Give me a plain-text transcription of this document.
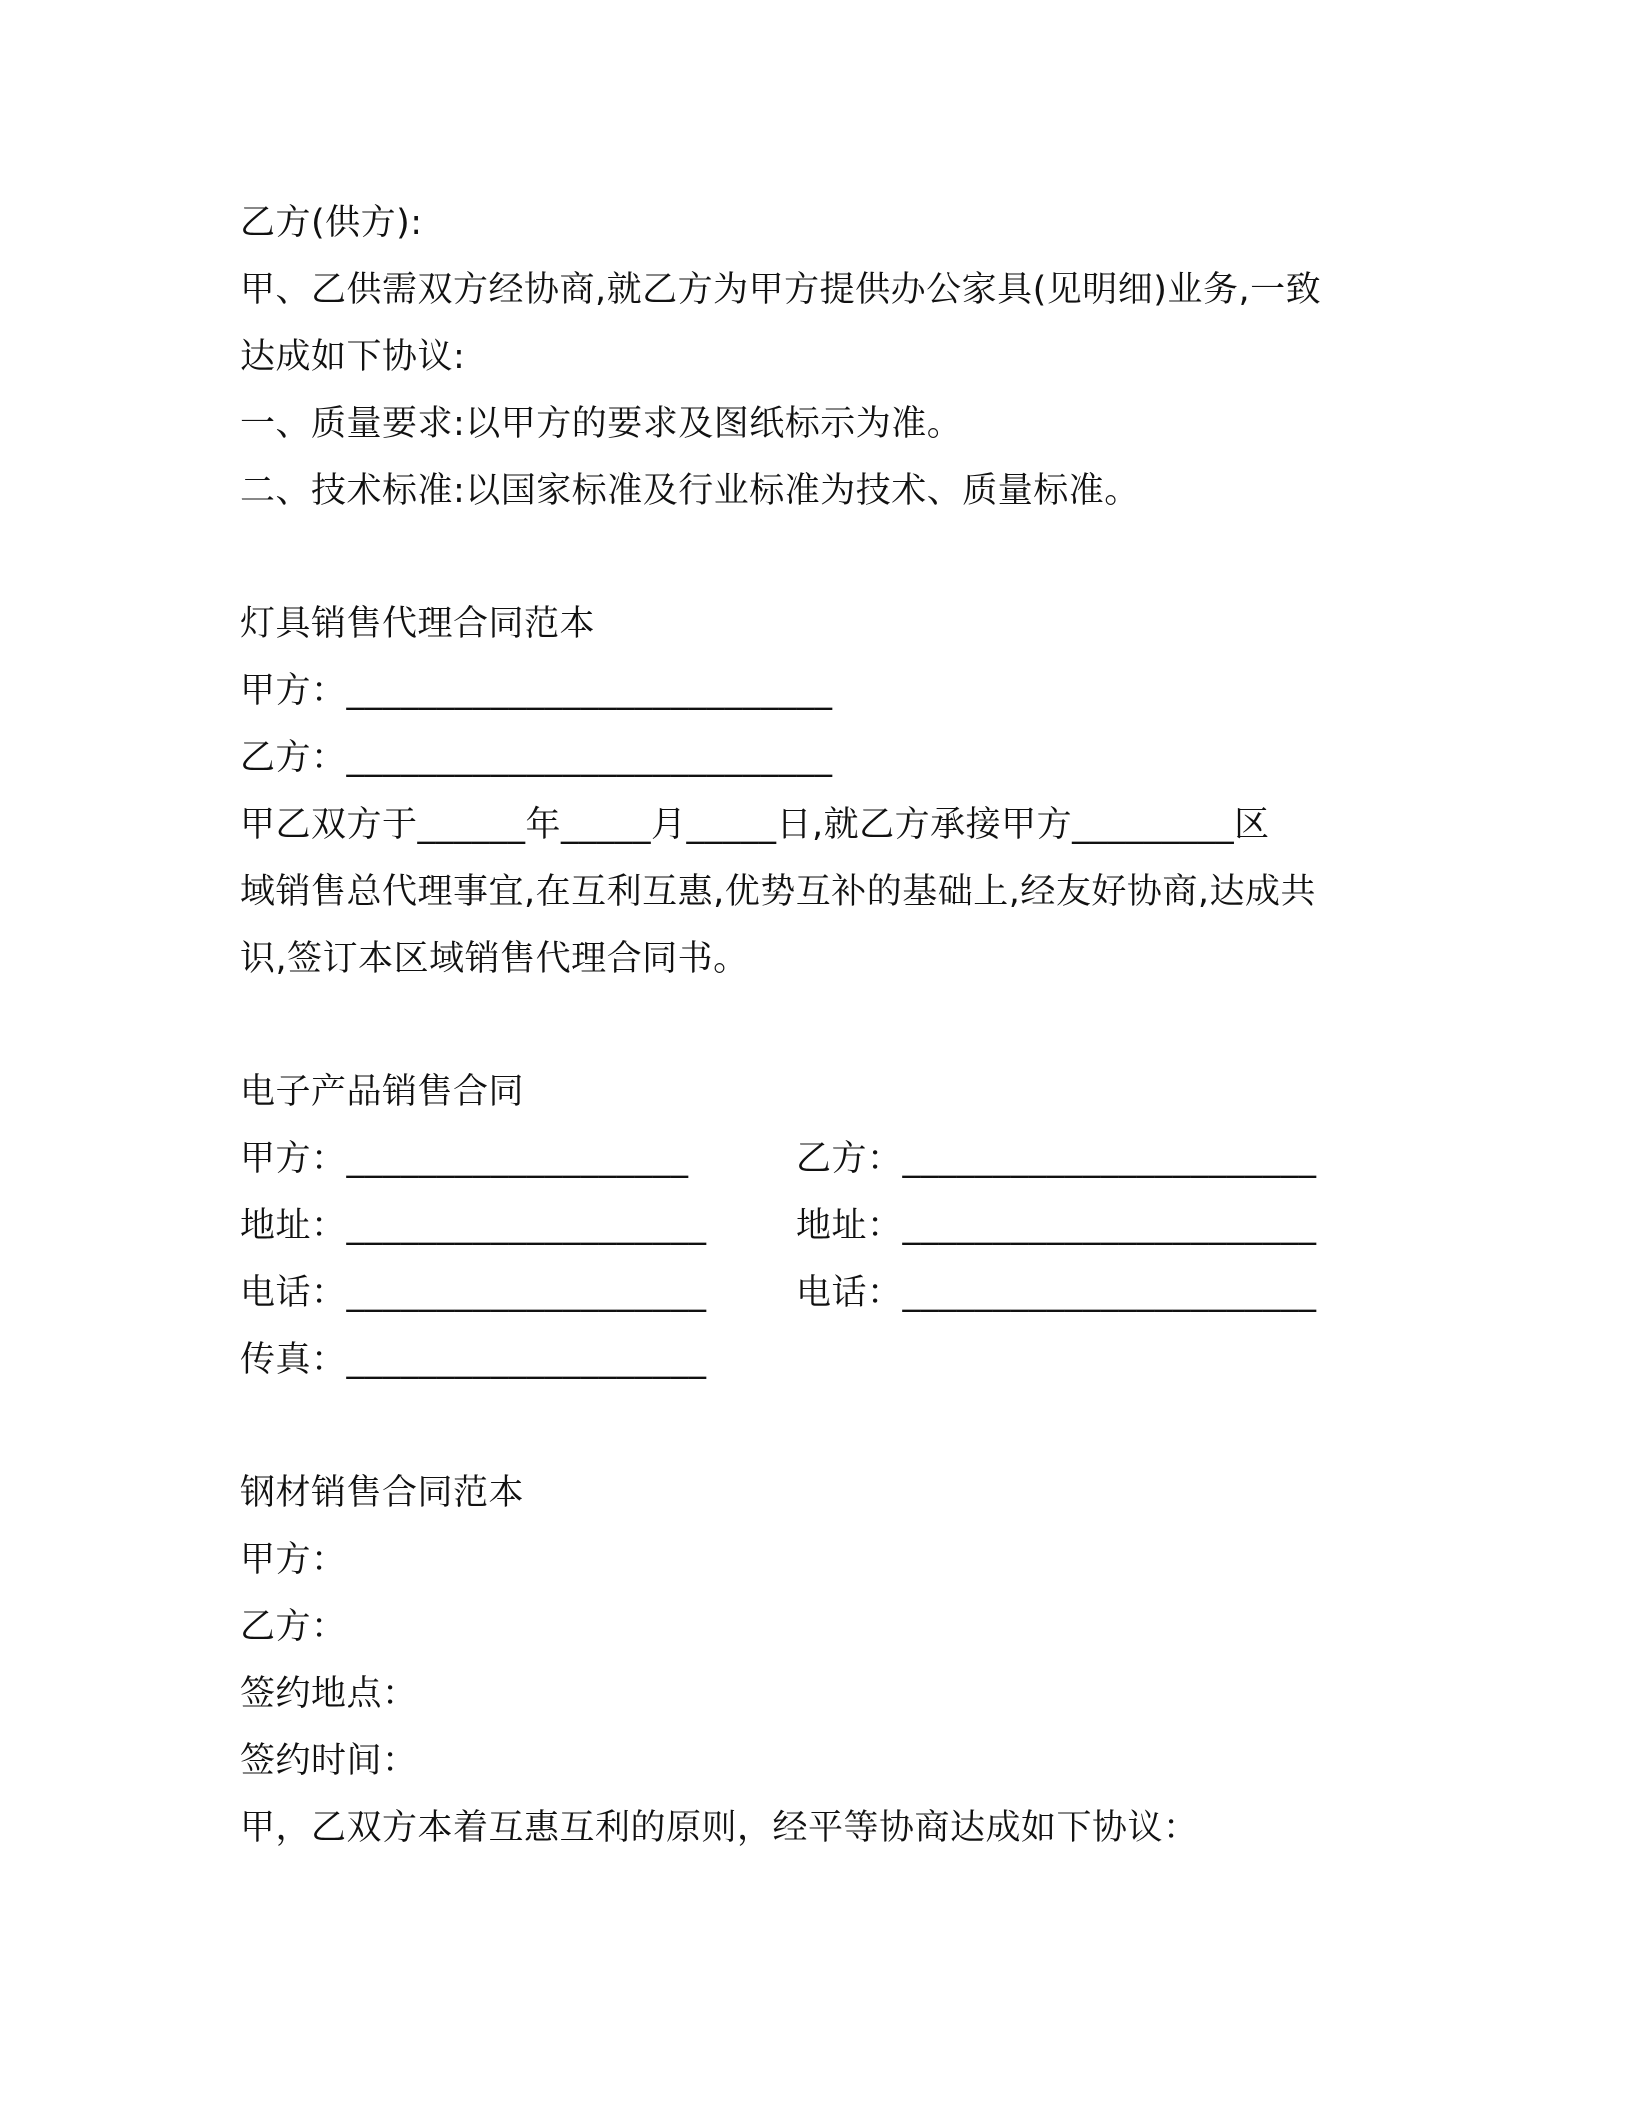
乙方(供方):
甲、乙供需双方经协商,就乙方为甲方提供办公家具(见明细)业务,一致
达成如下协议:
一、质量要求:以甲方的要求及图纸标示为准。
二、技术标准:以国家标准及行业标准为技术、质量标准。
灯具销售代理合同范本
甲方：___________________________
乙方：___________________________
甲乙双方于______年_____月_____日,就乙方承接甲方_________区
域销售总代理事宜,在互利互惠,优势互补的基础上,经友好协商,达成共
识,签订本区域销售代理合同书。
电子产品销售合同
甲方：___________________	乙方：_______________________
地址：____________________	地址：_______________________
电话：____________________	电话：_______________________
传真：____________________
钢材销售合同范本
甲方：
乙方：
签约地点：
签约时间：
甲，乙双方本着互惠互利的原则，经平等协商达成如下协议：
